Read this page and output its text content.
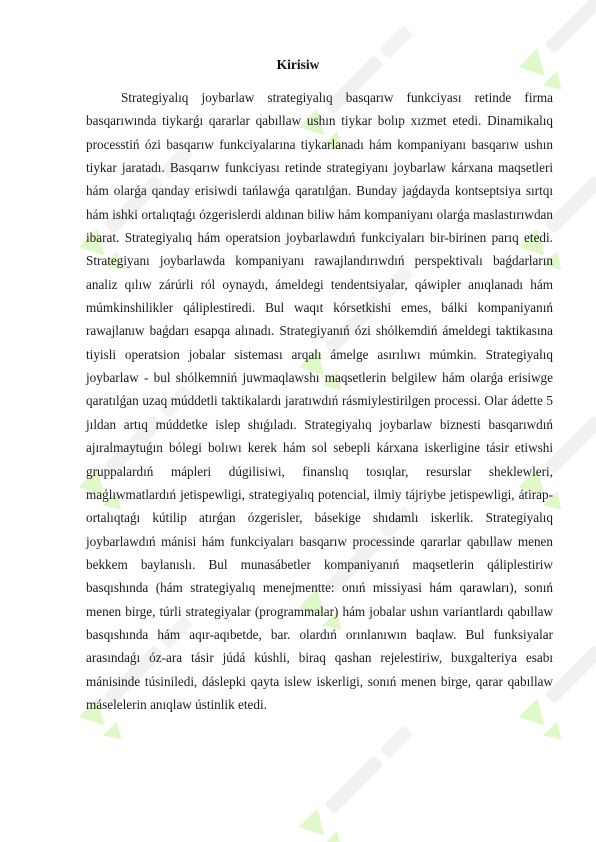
Kirisiw

Strategiyalıq joybarlaw strategiyalıq basqarıw funkciyası retinde firma basqarıwında tiykarǵı qararlar qabıllaw ushın tiykar bolıp xızmet etedi. Dinamikalıq processtiń ózi basqarıw funkciyalarına tiykarlanadı hám kompaniyanı basqarıw ushın tiykar jaratadı. Basqarıw funkciyası retinde strategiyanı joybarlaw kárxana maqsetleri hám olarǵa qanday erisiwdi tańlawǵa qaratılǵan. Bunday jaǵdayda kontseptsiya sırtqı hám ishki ortalıqtaǵı ózgerislerdi aldınan biliw hám kompaniyanı olarǵa maslastırıwdan ibarat. Strategiyalıq hám operatsion joybarlawdıń funkciyaları bir-birinen parıq etedi. Strategiyanı joybarlawda kompaniyanı rawajlandırıwdıń perspektivalı baǵdarların analiz qılıw zárúrli ról oynaydı, ámeldegi tendentsiyalar, qáwipler anıqlanadı hám múmkinshilikler qáliplestiredi. Bul waqıt kórsetkishi emes, bálki kompaniyanıń rawajlanıw baǵdarı esapqa alınadı. Strategiyanıń ózi shólkemdiń ámeldegi taktikasına tiyisli operatsion jobalar sisteması arqalı ámelge asırılıwı múmkin. Strategiyalıq joybarlaw - bul shólkemniń juwmaqlawshı maqsetlerin belgilew hám olarǵa erisiwge qaratılǵan uzaq múddetli taktikalardı jaratıwdıń rásmiylestirilgen processi. Olar ádette 5 jıldan artıq múddetke islep shıǵıladı. Strategiyalıq joybarlaw biznesti basqarıwdıń ajıralmaytuǵın bólegi bolıwı kerek hám sol sebepli kárxana iskerligine tásir etiwshi gruppalardıń mápleri dúgilisiwi, finanslıq tosıqlar, resurslar sheklewleri, maǵlıwmatlardıń jetispewligi, strategiyalıq potencial, ilmiy tájriybe jetispewligi, átirap-ortalıqtaǵı kútilip atırǵan ózgerisler, básekige shıdamlı iskerlik. Strategiyalıq joybarlawdıń mánisi hám funkciyaları basqarıw processinde qararlar qabıllaw menen bekkem baylanıslı. Bul munasábetler kompaniyanıń maqsetlerin qáliplestiriw basqıshında (hám strategiyalıq menejmentte: onıń missiyasi hám qarawları), sonıń menen birge, túrli strategiyalar (programmalar) hám jobalar ushın variantlardı qabıllaw basqıshında hám aqır-aqıbetde, bar. olardıń orınlanıwın baqlaw. Bul funksiyalar arasındaǵı óz-ara tásir júdá kúshli, biraq qashan rejelestiriw, buxgalteriya esabı mánisinde túsiniledi, dáslepki qayta islew iskerligi, sonıń menen birge, qarar qabıllaw máselelerin anıqlaw ústinlik etedi.
